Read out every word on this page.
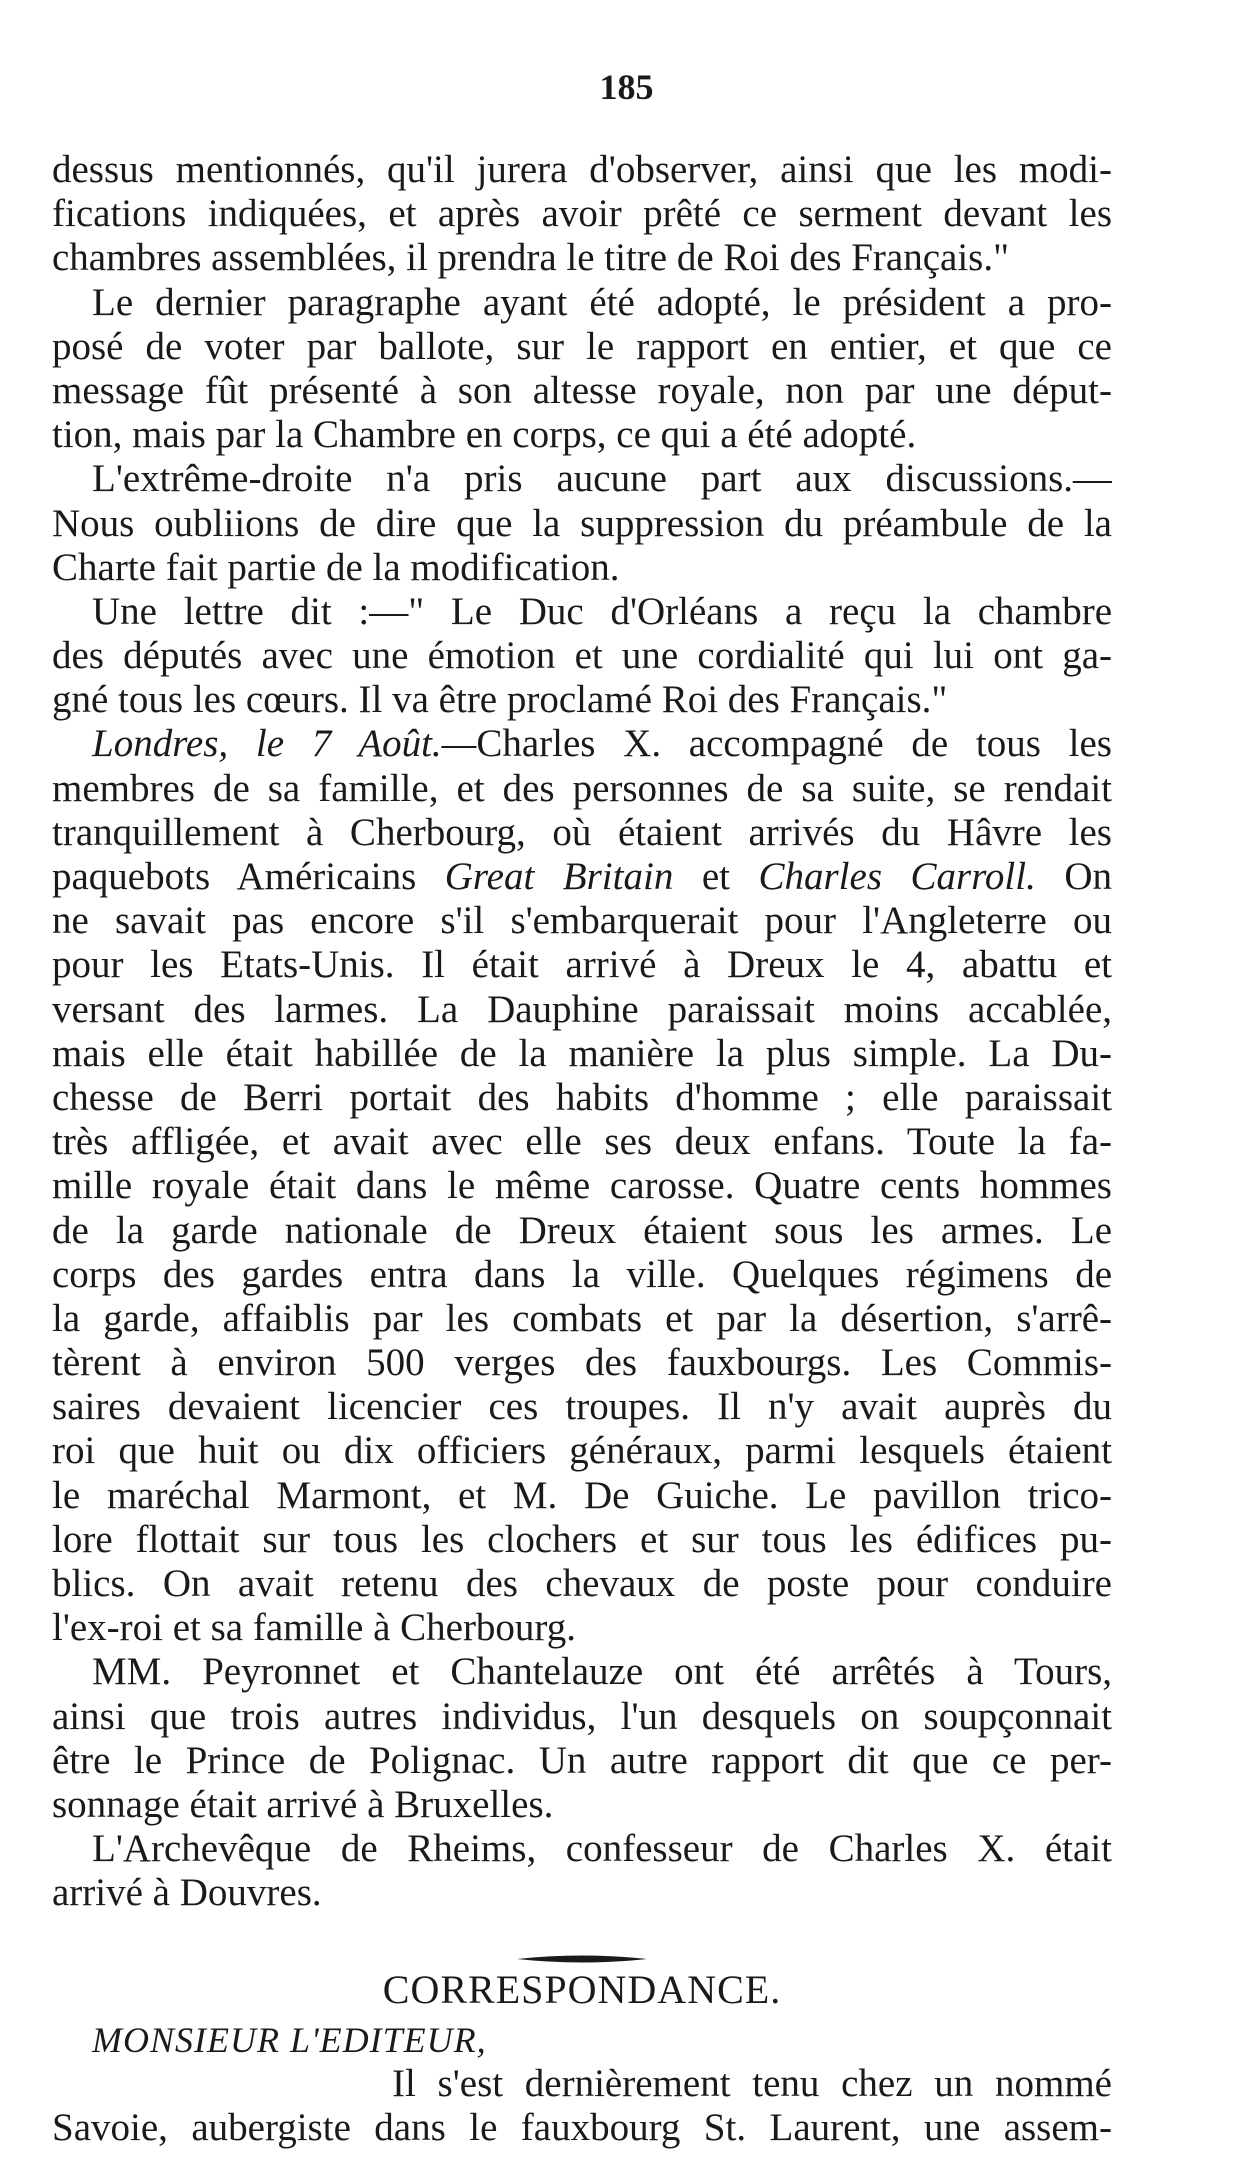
185
dessus mentionnés, qu'il jurera d'observer, ainsi que les modi-
fications indiquées, et après avoir prêté ce serment devant les
chambres assemblées, il prendra le titre de Roi des Français."
Le dernier paragraphe ayant été adopté, le président a pro-
posé de voter par ballote, sur le rapport en entier, et que ce
message fût présenté à son altesse royale, non par une déput-
tion, mais par la Chambre en corps, ce qui a été adopté.
L'extrême-droite n'a pris aucune part aux discussions.—
Nous oubliions de dire que la suppression du préambule de la
Charte fait partie de la modification.
Une lettre dit :—" Le Duc d'Orléans a reçu la chambre
des députés avec une émotion et une cordialité qui lui ont ga-
gné tous les cœurs. Il va être proclamé Roi des Français."
Londres, le 7 Août.—Charles X. accompagné de tous les
membres de sa famille, et des personnes de sa suite, se rendait
tranquillement à Cherbourg, où étaient arrivés du Hâvre les
paquebots Américains Great Britain et Charles Carroll. On
ne savait pas encore s'il s'embarquerait pour l'Angleterre ou
pour les Etats-Unis. Il était arrivé à Dreux le 4, abattu et
versant des larmes. La Dauphine paraissait moins accablée,
mais elle était habillée de la manière la plus simple. La Du-
chesse de Berri portait des habits d'homme ; elle paraissait
très affligée, et avait avec elle ses deux enfans. Toute la fa-
mille royale était dans le même carosse. Quatre cents hommes
de la garde nationale de Dreux étaient sous les armes. Le
corps des gardes entra dans la ville. Quelques régimens de
la garde, affaiblis par les combats et par la désertion, s'arrê-
tèrent à environ 500 verges des fauxbourgs. Les Commis-
saires devaient licencier ces troupes. Il n'y avait auprès du
roi que huit ou dix officiers généraux, parmi lesquels étaient
le maréchal Marmont, et M. De Guiche. Le pavillon trico-
lore flottait sur tous les clochers et sur tous les édifices pu-
blics. On avait retenu des chevaux de poste pour conduire
l'ex-roi et sa famille à Cherbourg.
MM. Peyronnet et Chantelauze ont été arrêtés à Tours,
ainsi que trois autres individus, l'un desquels on soupçonnait
être le Prince de Polignac. Un autre rapport dit que ce per-
sonnage était arrivé à Bruxelles.
L'Archevêque de Rheims, confesseur de Charles X. était
arrivé à Douvres.
CORRESPONDANCE.
MONSIEUR L'EDITEUR,
Il s'est dernièrement tenu chez un nommé
Savoie, aubergiste dans le fauxbourg St. Laurent, une assem-
